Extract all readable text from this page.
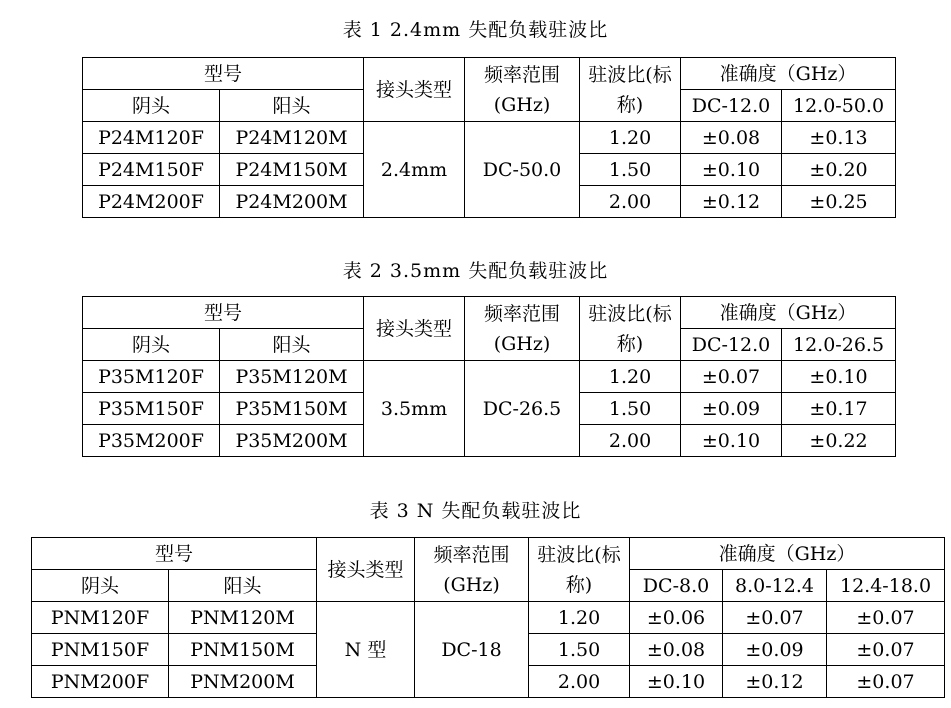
表 1 2.4mm 失配负载驻波比
型号		接头类型	频率范围(GHz)	驻波比(标称)	准确度（GHz）	
阴头	阳头				DC-12.0	12.0-50.0
P24M120F	P24M120M	2.4mm	DC-50.0	1.20	±0.08	±0.13
P24M150F	P24M150M			1.50	±0.10	±0.20
P24M200F	P24M200M			2.00	±0.12	±0.25
表 2 3.5mm 失配负载驻波比
型号		接头类型	频率范围(GHz)	驻波比(标称)	准确度（GHz）	
阴头	阳头				DC-12.0	12.0-26.5
P35M120F	P35M120M	3.5mm	DC-26.5	1.20	±0.07	±0.10
P35M150F	P35M150M			1.50	±0.09	±0.17
P35M200F	P35M200M			2.00	±0.10	±0.22
表 3 N 失配负载驻波比
型号		接头类型	频率范围(GHz)	驻波比(标称)	准确度（GHz）		
阴头	阳头				DC-8.0	8.0-12.4	12.4-18.0
PNM120F	PNM120M	N 型	DC-18	1.20	±0.06	±0.07	±0.07
PNM150F	PNM150M			1.50	±0.08	±0.09	±0.07
PNM200F	PNM200M			2.00	±0.10	±0.12	±0.07
